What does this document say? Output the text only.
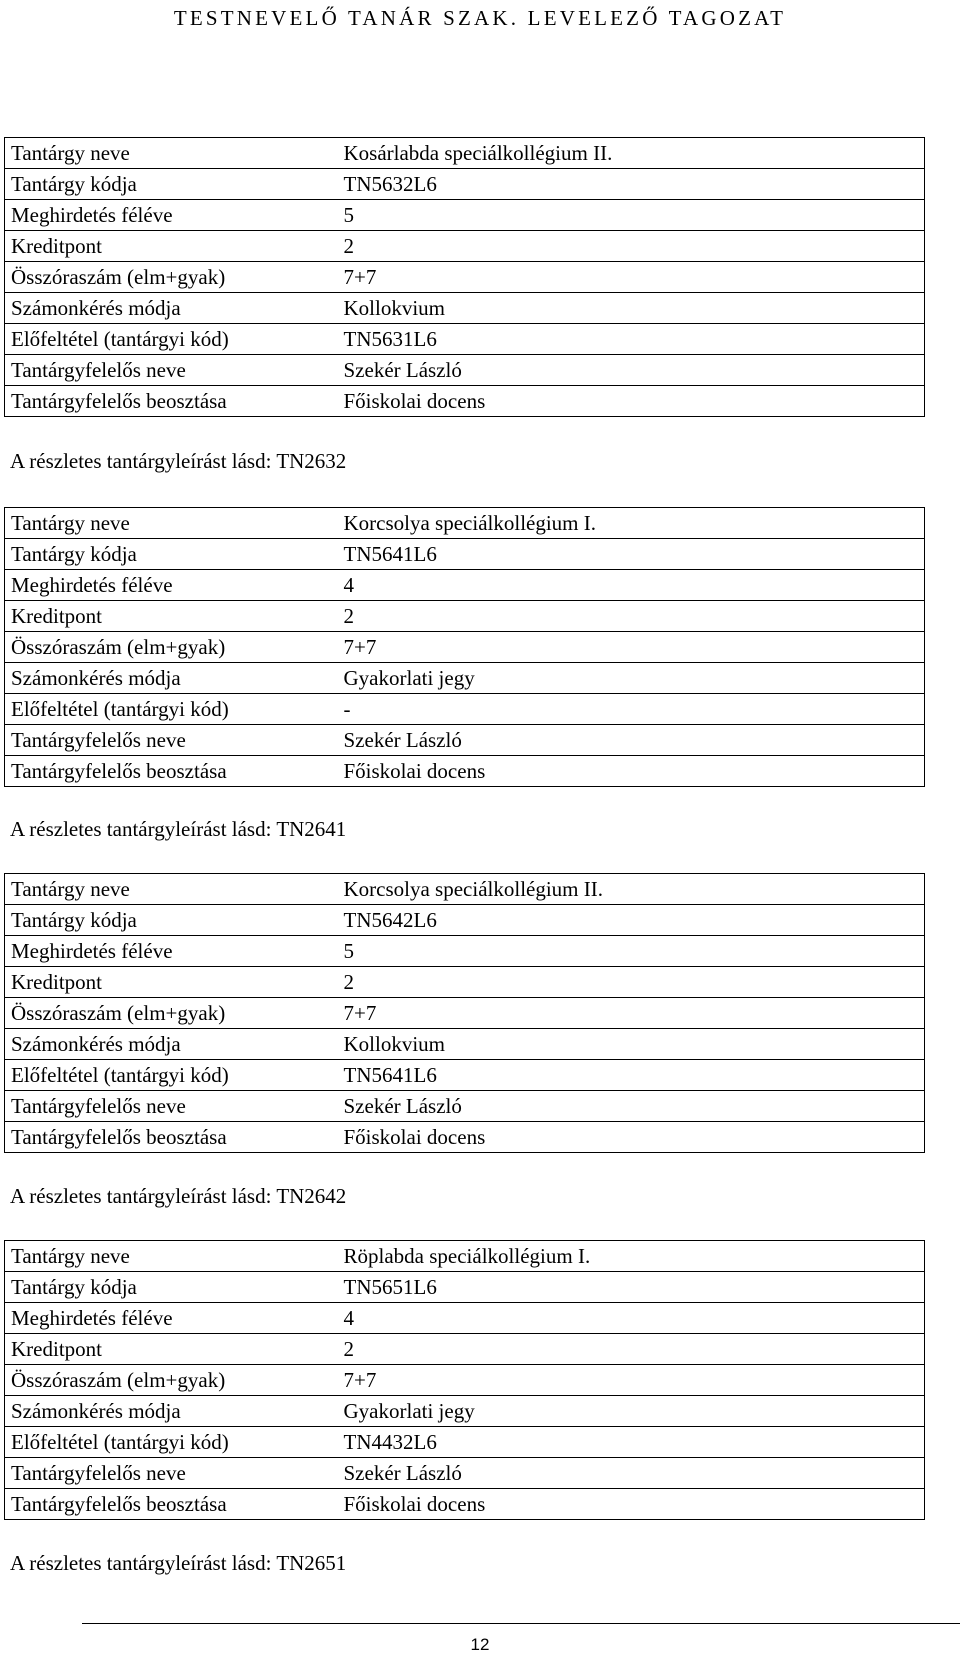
TESTNEVELŐ TANÁR SZAK. LEVELEZŐ TAGOZAT
Tantárgy neve	Kosárlabda speciálkollégium II.
Tantárgy kódja	TN5632L6
Meghirdetés féléve	5
Kreditpont	2
Összóraszám (elm+gyak)	7+7
Számonkérés módja	Kollokvium
Előfeltétel (tantárgyi kód)	TN5631L6
Tantárgyfelelős neve	Szekér László
Tantárgyfelelős beosztása	Főiskolai docens
A részletes tantárgyleírást lásd: TN2632
Tantárgy neve	Korcsolya speciálkollégium I.
Tantárgy kódja	TN5641L6
Meghirdetés féléve	4
Kreditpont	2
Összóraszám (elm+gyak)	7+7
Számonkérés módja	Gyakorlati jegy
Előfeltétel (tantárgyi kód)	-
Tantárgyfelelős neve	Szekér László
Tantárgyfelelős beosztása	Főiskolai docens
A részletes tantárgyleírást lásd: TN2641
Tantárgy neve	Korcsolya speciálkollégium II.
Tantárgy kódja	TN5642L6
Meghirdetés féléve	5
Kreditpont	2
Összóraszám (elm+gyak)	7+7
Számonkérés módja	Kollokvium
Előfeltétel (tantárgyi kód)	TN5641L6
Tantárgyfelelős neve	Szekér László
Tantárgyfelelős beosztása	Főiskolai docens
A részletes tantárgyleírást lásd: TN2642
Tantárgy neve	Röplabda speciálkollégium I.
Tantárgy kódja	TN5651L6
Meghirdetés féléve	4
Kreditpont	2
Összóraszám (elm+gyak)	7+7
Számonkérés módja	Gyakorlati jegy
Előfeltétel (tantárgyi kód)	TN4432L6
Tantárgyfelelős neve	Szekér László
Tantárgyfelelős beosztása	Főiskolai docens
A részletes tantárgyleírást lásd: TN2651
12
